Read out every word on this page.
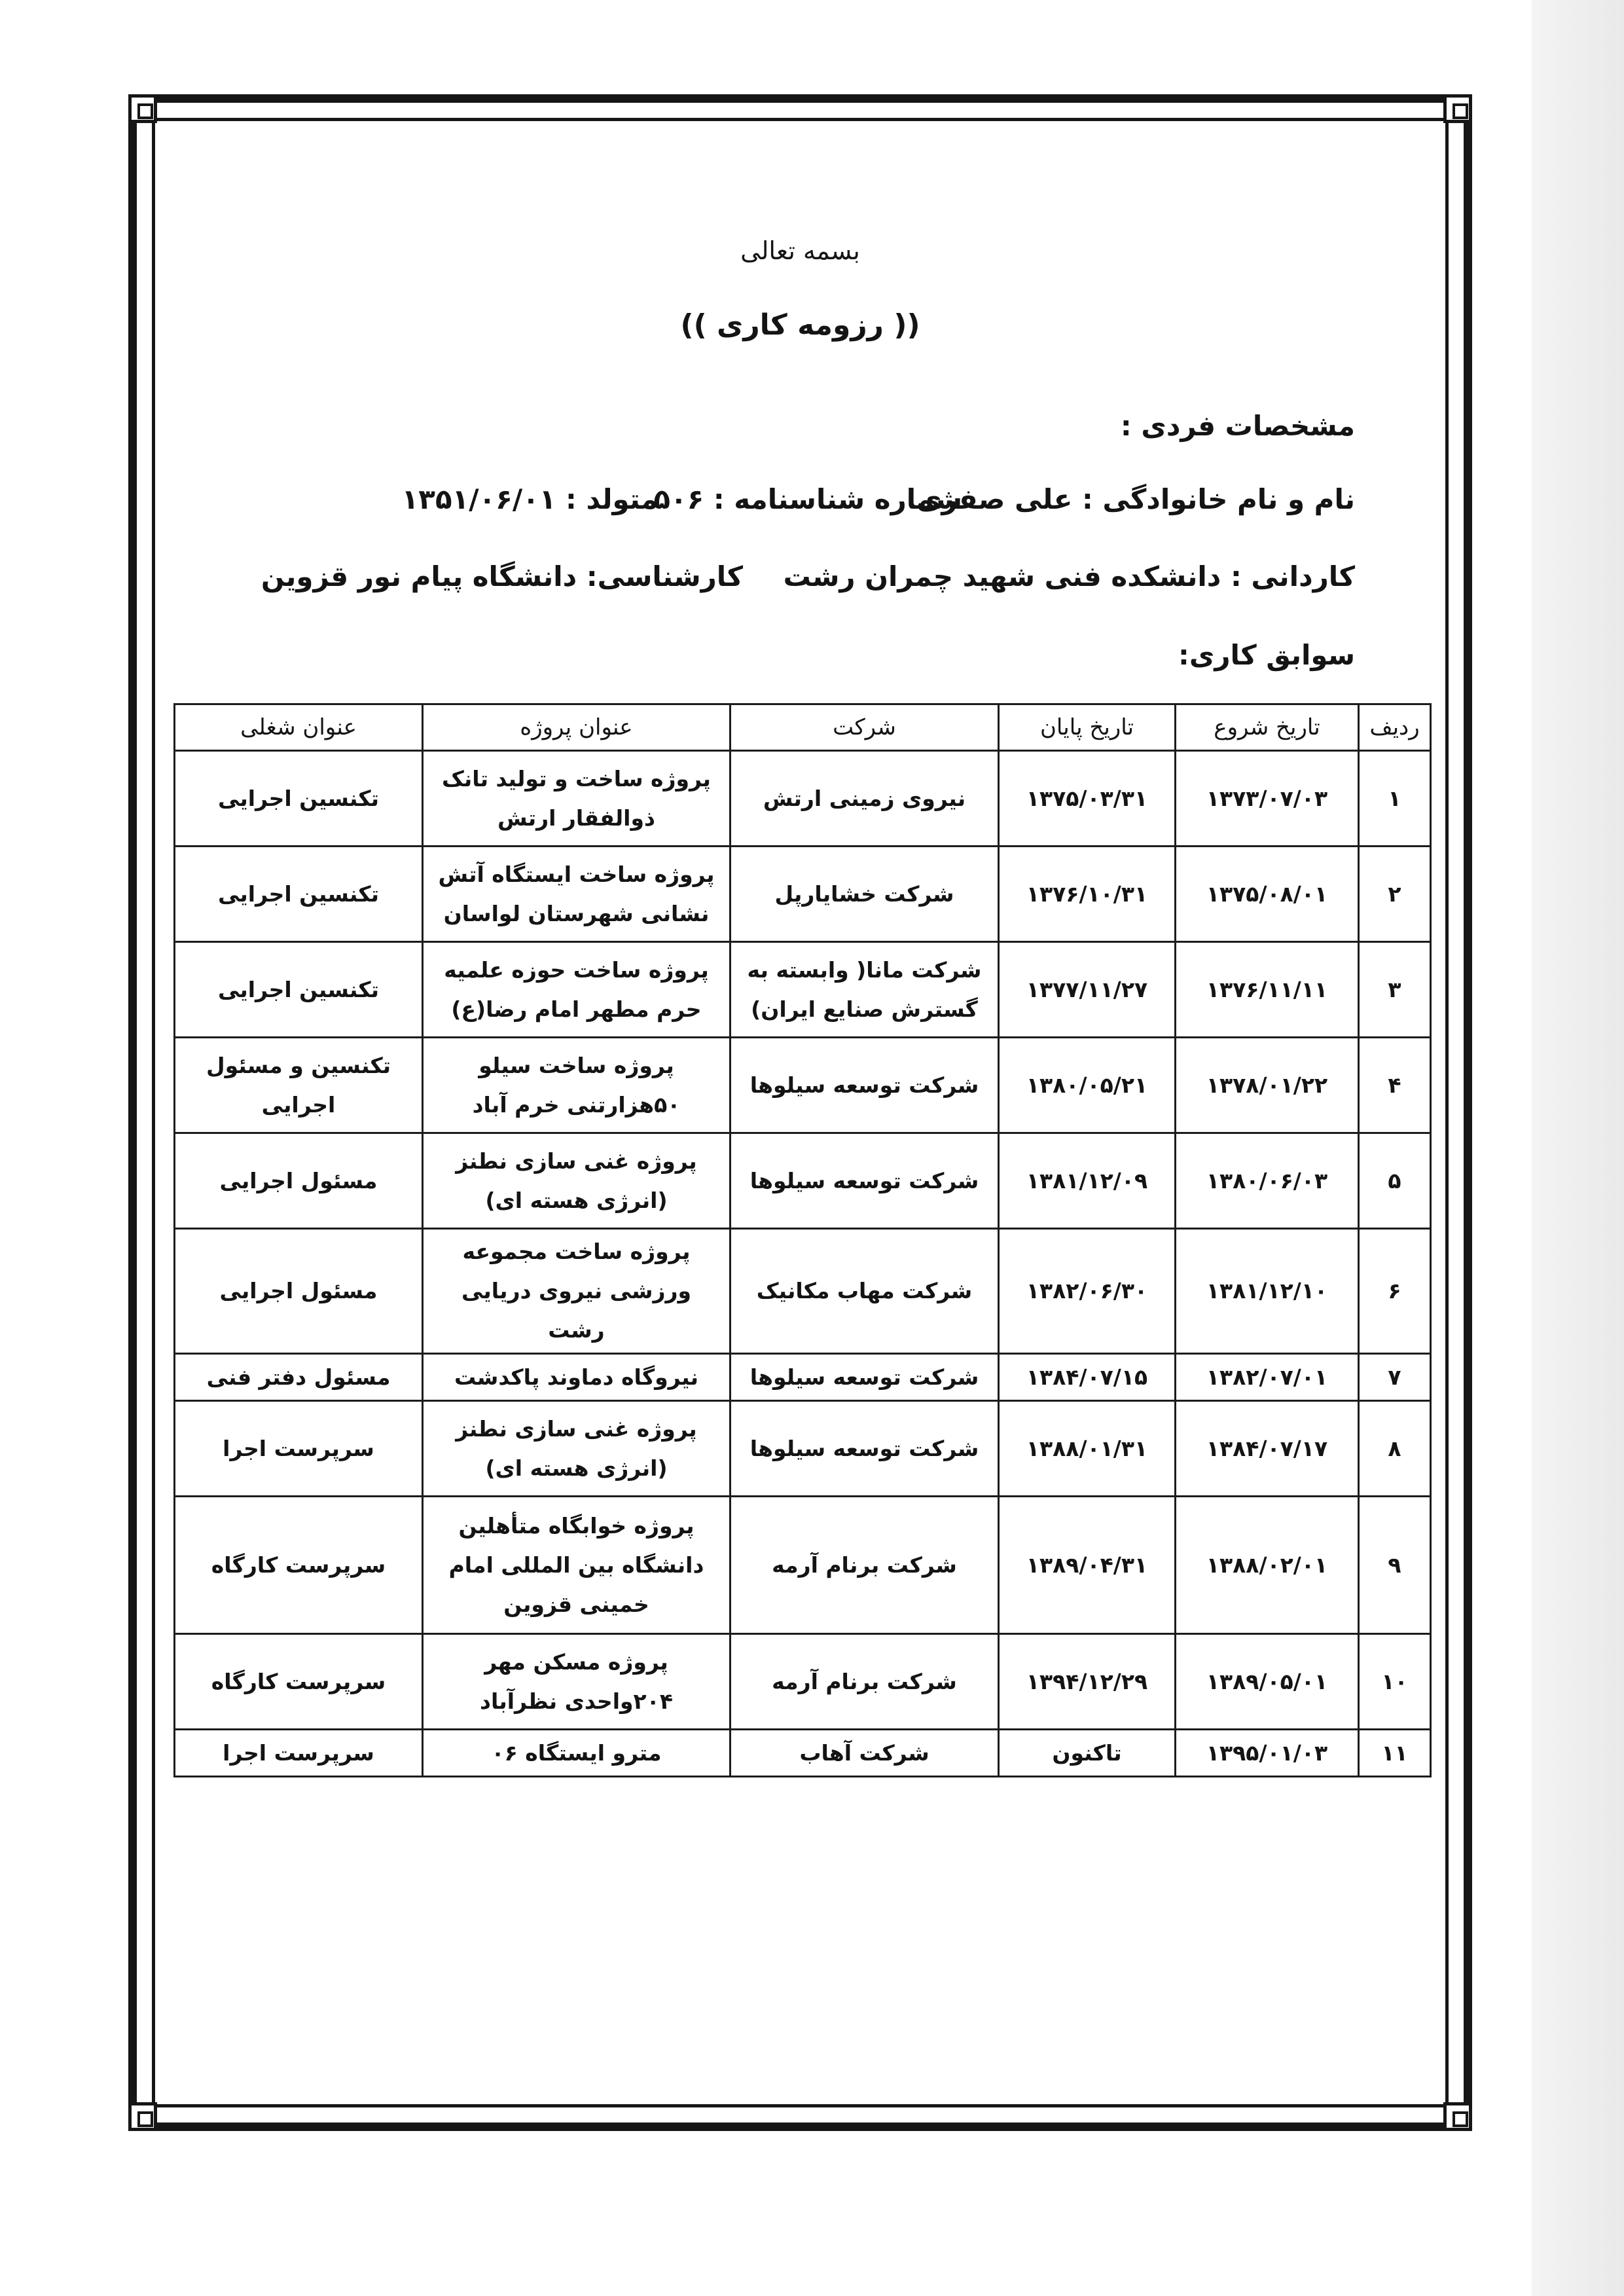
بسمه تعالی
(( رزومه کاری ))
مشخصات فردی :
نام و نام خانوادگی : علی صفری
شماره شناسنامه : ۵۰۶
متولد : ۱۳۵۱/۰۶/۰۱
کاردانی : دانشکده فنی شهید چمران رشت
کارشناسی: دانشگاه پیام نور قزوین
سوابق کاری:
ردیف	تاریخ شروع	تاریخ پایان	شرکت	عنوان پروژه	عنوان شغلی
۱	۱۳۷۳/۰۷/۰۳	۱۳۷۵/۰۳/۳۱	نیروی زمینی ارتش	پروژه ساخت و تولید تانک ذوالفقار ارتش	تکنسین اجرایی
۲	۱۳۷۵/۰۸/۰۱	۱۳۷۶/۱۰/۳۱	شرکت خشایارپل	پروژه ساخت ایستگاه آتش نشانی شهرستان لواسان	تکنسین اجرایی
۳	۱۳۷۶/۱۱/۱۱	۱۳۷۷/۱۱/۲۷	شرکت مانا( وابسته به گسترش صنایع ایران)	پروژه ساخت حوزه علمیه حرم مطهر امام رضا(ع)	تکنسین اجرایی
۴	۱۳۷۸/۰۱/۲۲	۱۳۸۰/۰۵/۲۱	شرکت توسعه سیلوها	پروژه ساخت سیلو ۵۰هزارتنی خرم آباد	تکنسین و مسئول اجرایی
۵	۱۳۸۰/۰۶/۰۳	۱۳۸۱/۱۲/۰۹	شرکت توسعه سیلوها	پروژه غنی سازی نطنز (انرژی هسته ای)	مسئول اجرایی
۶	۱۳۸۱/۱۲/۱۰	۱۳۸۲/۰۶/۳۰	شرکت مهاب مکانیک	پروژه ساخت مجموعه ورزشی نیروی دریایی رشت	مسئول اجرایی
۷	۱۳۸۲/۰۷/۰۱	۱۳۸۴/۰۷/۱۵	شرکت توسعه سیلوها	نیروگاه دماوند پاکدشت	مسئول دفتر فنی
۸	۱۳۸۴/۰۷/۱۷	۱۳۸۸/۰۱/۳۱	شرکت توسعه سیلوها	پروژه غنی سازی نطنز (انرژی هسته ای)	سرپرست اجرا
۹	۱۳۸۸/۰۲/۰۱	۱۳۸۹/۰۴/۳۱	شرکت برنام آرمه	پروژه خوابگاه متأهلین دانشگاه بین المللی امام خمینی قزوین	سرپرست کارگاه
۱۰	۱۳۸۹/۰۵/۰۱	۱۳۹۴/۱۲/۲۹	شرکت برنام آرمه	پروژه مسکن مهر ۲۰۴واحدی نظرآباد	سرپرست کارگاه
۱۱	۱۳۹۵/۰۱/۰۳	تاکنون	شرکت آهاب	مترو ایستگاه ۰۶	سرپرست اجرا
